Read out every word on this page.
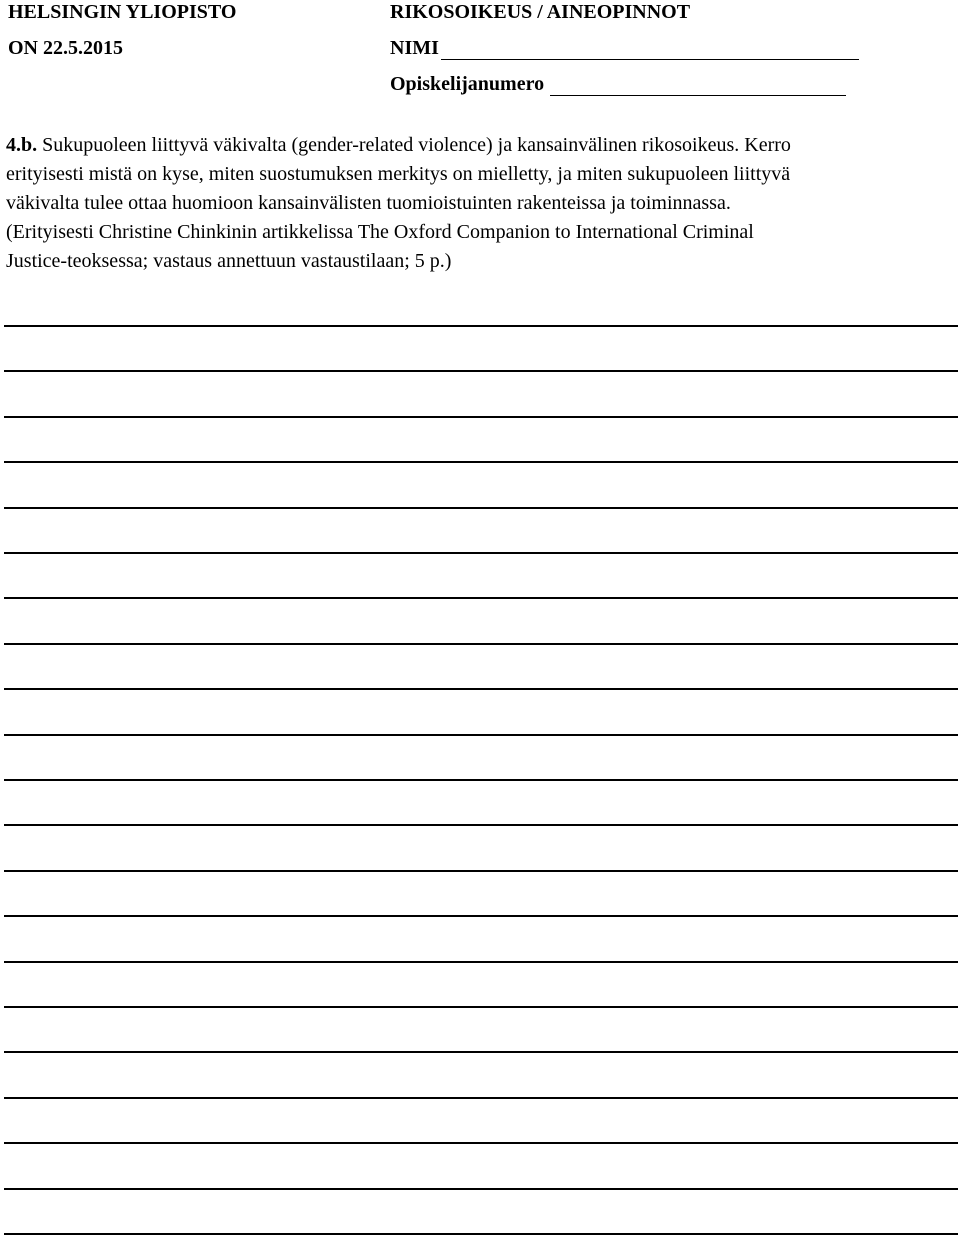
HELSINGIN YLIOPISTO
ON 22.5.2015
RIKOSOIKEUS / AINEOPINNOT
NIMI
Opiskelijanumero
4.b. Sukupuoleen liittyvä väkivalta (gender-related violence) ja kansainvälinen rikosoikeus. Kerro
erityisesti mistä on kyse, miten suostumuksen merkitys on mielletty, ja miten sukupuoleen liittyvä
väkivalta tulee ottaa huomioon kansainvälisten tuomioistuinten rakenteissa ja toiminnassa.
(Erityisesti Christine Chinkinin artikkelissa The Oxford Companion to International Criminal
Justice-teoksessa; vastaus annettuun vastaustilaan; 5 p.)
